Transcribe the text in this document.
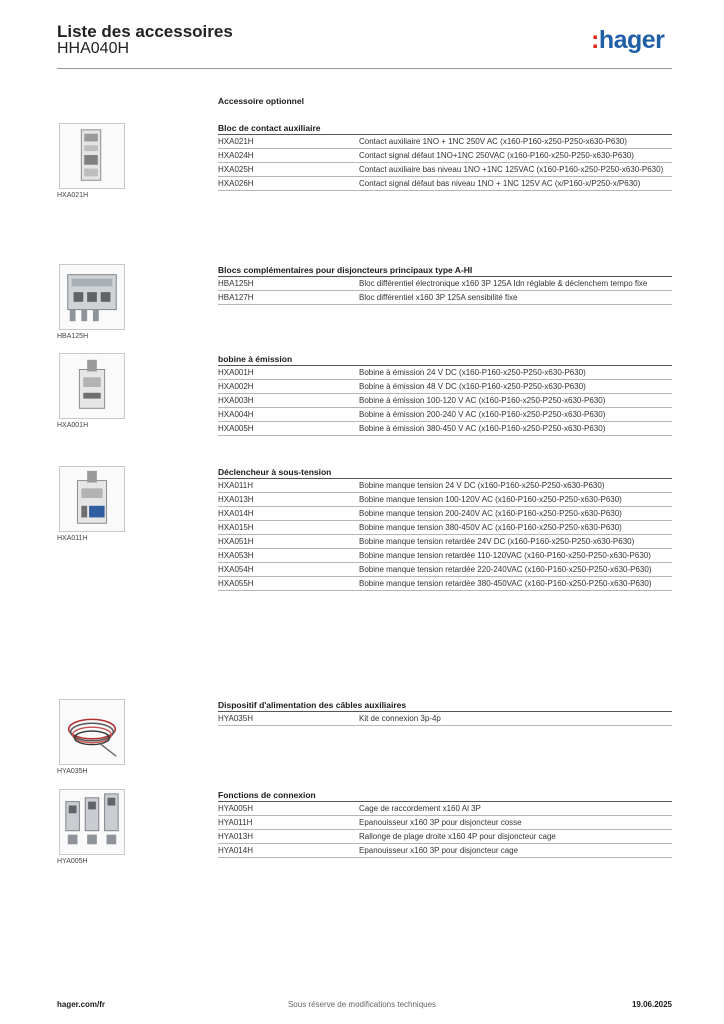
Liste des accessoires
HHA040H	:hager
Accessoire optionnel
HXA021H
Bloc de contact auxiliaire
HXA021H	Contact auxiliaire 1NO + 1NC 250V AC (x160-P160-x250-P250-x630-P630)
HXA024H	Contact signal défaut 1NO+1NC 250VAC (x160-P160-x250-P250-x630-P630)
HXA025H	Contact auxiliaire bas niveau 1NO +1NC 125VAC (x160-P160-x250-P250-x630-P630)
HXA026H	Contact signal défaut bas niveau 1NO + 1NC 125V AC (x/P160-x/P250-x/P630)
HBA125H
Blocs complémentaires pour disjoncteurs principaux type A-HI
HBA125H	Bloc différentiel électronique x160 3P 125A Idn réglable & déclenchem tempo fixe
HBA127H	Bloc différentiel x160 3P 125A sensibilité fixe
HXA001H
bobine à émission
HXA001H	Bobine à émission 24 V DC (x160-P160-x250-P250-x630-P630)
HXA002H	Bobine à émission 48 V DC (x160-P160-x250-P250-x630-P630)
HXA003H	Bobine à émission 100-120 V AC (x160-P160-x250-P250-x630-P630)
HXA004H	Bobine à émission 200-240 V AC (x160-P160-x250-P250-x630-P630)
HXA005H	Bobine à émission 380-450 V AC (x160-P160-x250-P250-x630-P630)
HXA011H
Déclencheur à sous-tension
HXA011H	Bobine manque tension 24 V DC (x160-P160-x250-P250-x630-P630)
HXA013H	Bobine manque tension 100-120V AC (x160-P160-x250-P250-x630-P630)
HXA014H	Bobine manque tension 200-240V AC (x160-P160-x250-P250-x630-P630)
HXA015H	Bobine manque tension 380-450V AC (x160-P160-x250-P250-x630-P630)
HXA051H	Bobine manque tension retardée 24V DC (x160-P160-x250-P250-x630-P630)
HXA053H	Bobine manque tension retardée 110-120VAC (x160-P160-x250-P250-x630-P630)
HXA054H	Bobine manque tension retardée 220-240VAC (x160-P160-x250-P250-x630-P630)
HXA055H	Bobine manque tension retardée 380-450VAC (x160-P160-x250-P250-x630-P630)
HYA035H
Dispositif d'alimentation des câbles auxiliaires
HYA035H	Kit de connexion 3p-4p
HYA005H
Fonctions de connexion
HYA005H	Cage de raccordement x160 Al 3P
HYA011H	Epanouisseur x160 3P pour disjoncteur cosse
HYA013H	Rallonge de plage droite x160 4P pour disjoncteur cage
HYA014H	Epanouisseur x160 3P pour disjoncteur cage
Sous réserve de modifications techniques
hager.com/fr	19.06.2025
